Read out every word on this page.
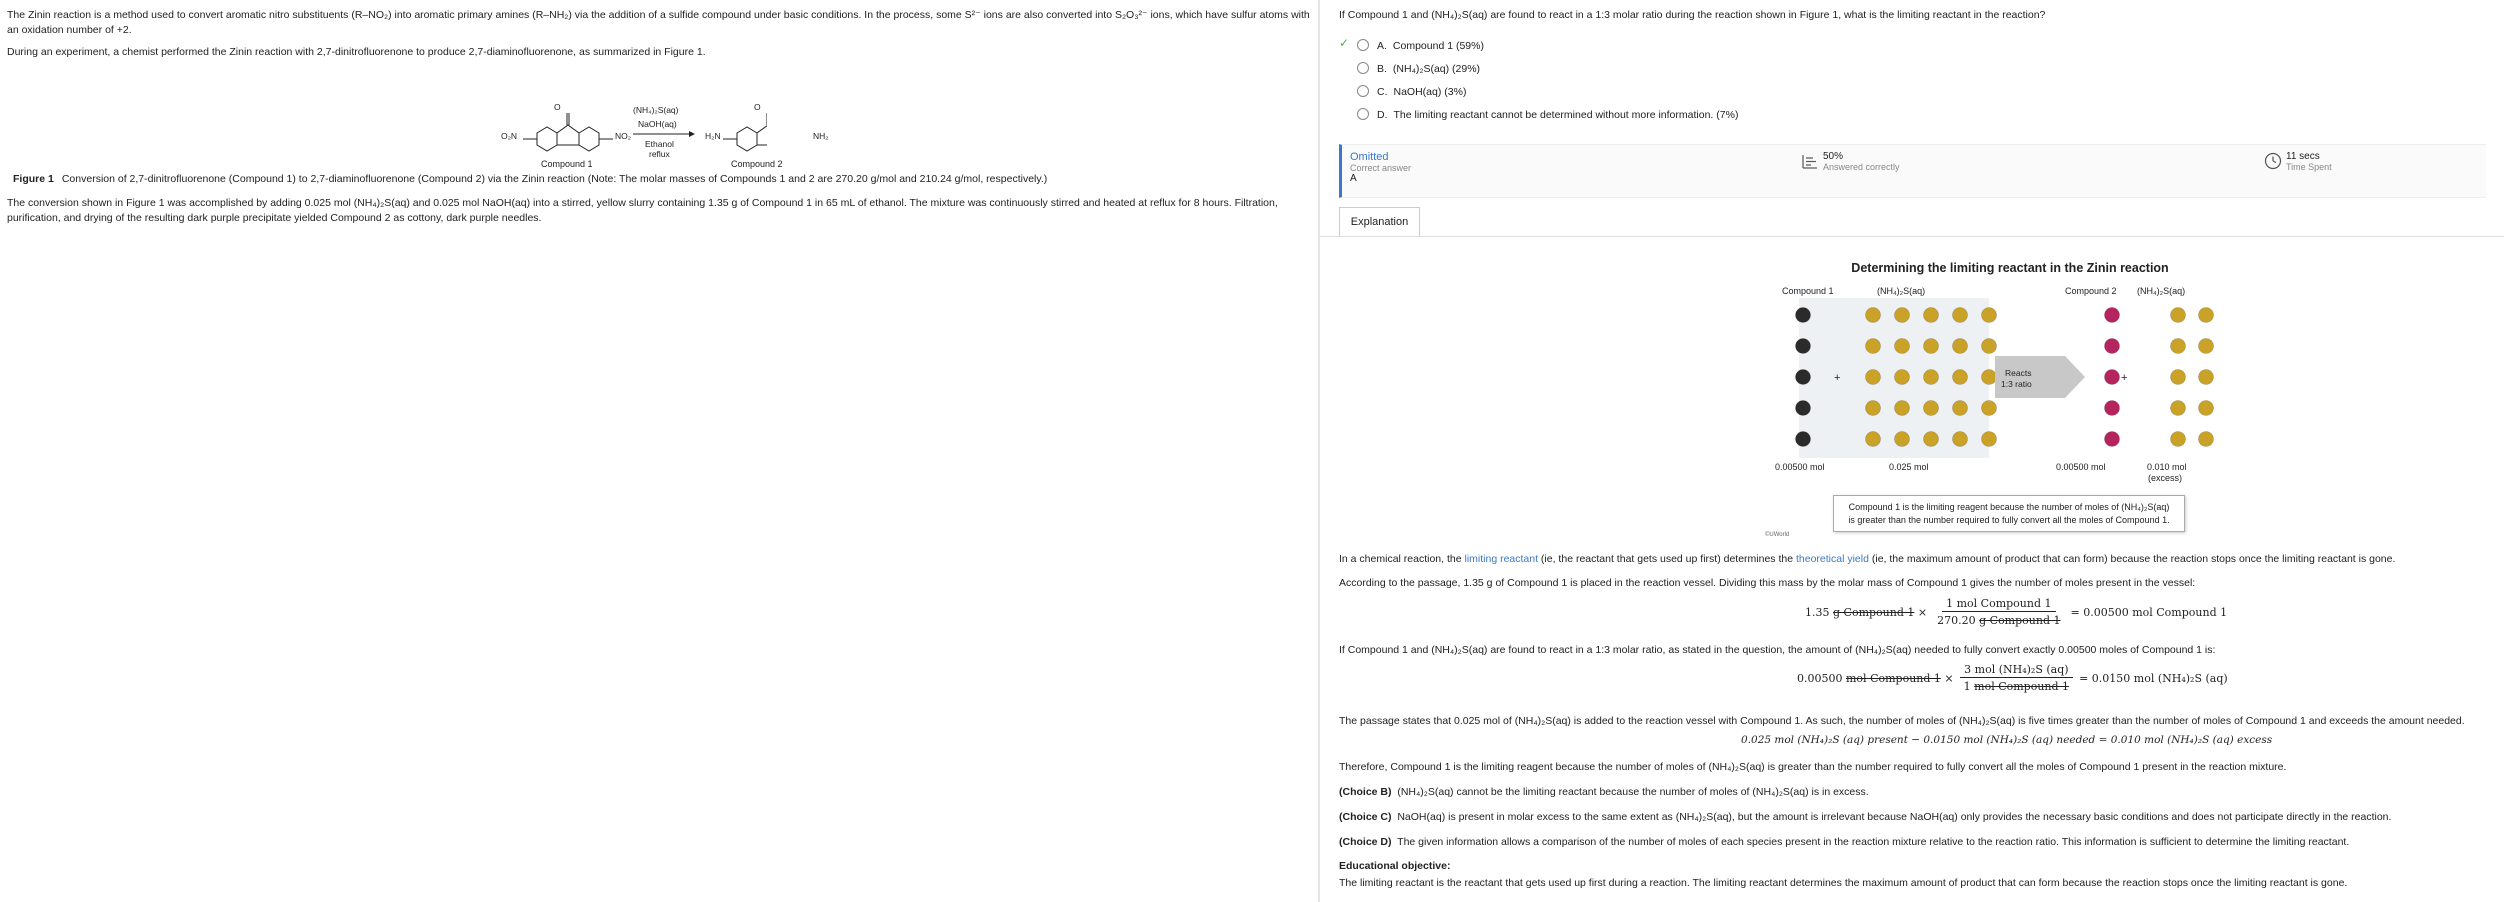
The Zinin reaction is a method used to convert aromatic nitro substituents (R–NO₂) into aromatic primary amines (R–NH₂) via the addition of a sulfide compound under basic conditions. In the process, some S²⁻ ions are also converted into S₂O₃²⁻ ions, which have sulfur atoms with an oxidation number of +2.

During an experiment, a chemist performed the Zinin reaction with 2,7-dinitrofluorenone to produce 2,7-diaminofluorenone, as summarized in Figure 1.

O₂N	NO₂
O
Compound 1
(NH₄)₂S(aq)
NaOH(aq)
Ethanol
reflux
H₂N	NH₂
O
Compound 2
Figure 1 Conversion of 2,7-dinitrofluorenone (Compound 1) to 2,7-diaminofluorenone (Compound 2) via the Zinin reaction (Note: The molar masses of Compounds 1 and 2 are 270.20 g/mol and 210.24 g/mol, respectively.)

The conversion shown in Figure 1 was accomplished by adding 0.025 mol (NH₄)₂S(aq) and 0.025 mol NaOH(aq) into a stirred, yellow slurry containing 1.35 g of Compound 1 in 65 mL of ethanol. The mixture was continuously stirred and heated at reflux for 8 hours. Filtration, purification, and drying of the resulting dark purple precipitate yielded Compound 2 as cottony, dark purple needles.

If Compound 1 and (NH₄)₂S(aq) are found to react in a 1:3 molar ratio during the reaction shown in Figure 1, what is the limiting reactant in the reaction?
✓	A. Compound 1
(59%)
B. (NH₄)₂S(aq)
(29%)
C. NaOH(aq)
(3%)
D. The limiting reactant cannot be determined without more information.
(7%)
Omitted
Correct answer
A
50%
Answered correctly
11 secs
Time Spent
Explanation
Determining the limiting reactant in the Zinin reaction
Compound 1	(NH₄)₂S(aq)	Compound 2 (NH₄)₂S(aq)
+	+
Reacts
1:3 ratio
0.00500 mol	0.025 mol	0.00500 mol	0.010 mol
(excess)
Compound 1 is the limiting reagent because the number of moles of (NH₄)₂S(aq)
is greater than the number required to fully convert all the moles of Compound 1.
©UWorld
In a chemical reaction, the limiting reactant (ie, the reactant that gets used up first) determines the theoretical yield (ie, the maximum amount of product that can form) because the reaction stops once the limiting reactant is gone.
According to the passage, 1.35 g of Compound 1 is placed in the reaction vessel. Dividing this mass by the molar mass of Compound 1 gives the number of moles present in the vessel:
1.35
g Compound $1 \times \frac{\text{1 mol Compound 1}}{\text{270.20 g Compound 1}} = 0.00500$ mol Compound 1
If Compound 1 and (NH₄)₂S(aq) are found to react in a 1:3 molar ratio, as stated in the question, the amount of (NH₄)₂S(aq) needed to fully convert exactly 0.00500 moles of Compound 1 is:
0.00500
mol Compound $1 \times \frac{\text{3 mol (NH₄)₂S (aq)}}{\text{1 mol Compound 1}} = 0.0150$ mol (NH₄)₂S (aq)
The passage states that 0.025 mol of (NH₄)₂S(aq) is added to the reaction vessel with Compound 1. As such, the number of moles of (NH₄)₂S(aq) is five times greater than the number of moles of Compound 1 and exceeds the amount needed.
0.025 mol (NH₄)₂S (aq) present − 0.0150 mol (NH₄)₂S (aq) needed = 0.010 mol (NH₄)₂S (aq) excess
Therefore, Compound 1 is the limiting reagent because the number of moles of (NH₄)₂S(aq) is greater than the number required to fully convert all the moles of Compound 1 present in the reaction mixture.
(Choice B) (NH₄)₂S(aq) cannot be the limiting reactant because the number of moles of (NH₄)₂S(aq) is in excess.
(Choice C) NaOH(aq) is present in molar excess to the same extent as (NH₄)₂S(aq), but the amount is irrelevant because NaOH(aq) only provides the necessary basic conditions and does not participate directly in the reaction.
(Choice D) The given information allows a comparison of the number of moles of each species present in the reaction mixture relative to the reaction ratio. This information is sufficient to determine the limiting reactant.
Educational objective:
The limiting reactant is the reactant that gets used up first during a reaction. The limiting reactant determines the maximum amount of product that can form because the reaction stops once the limiting reactant is gone.
